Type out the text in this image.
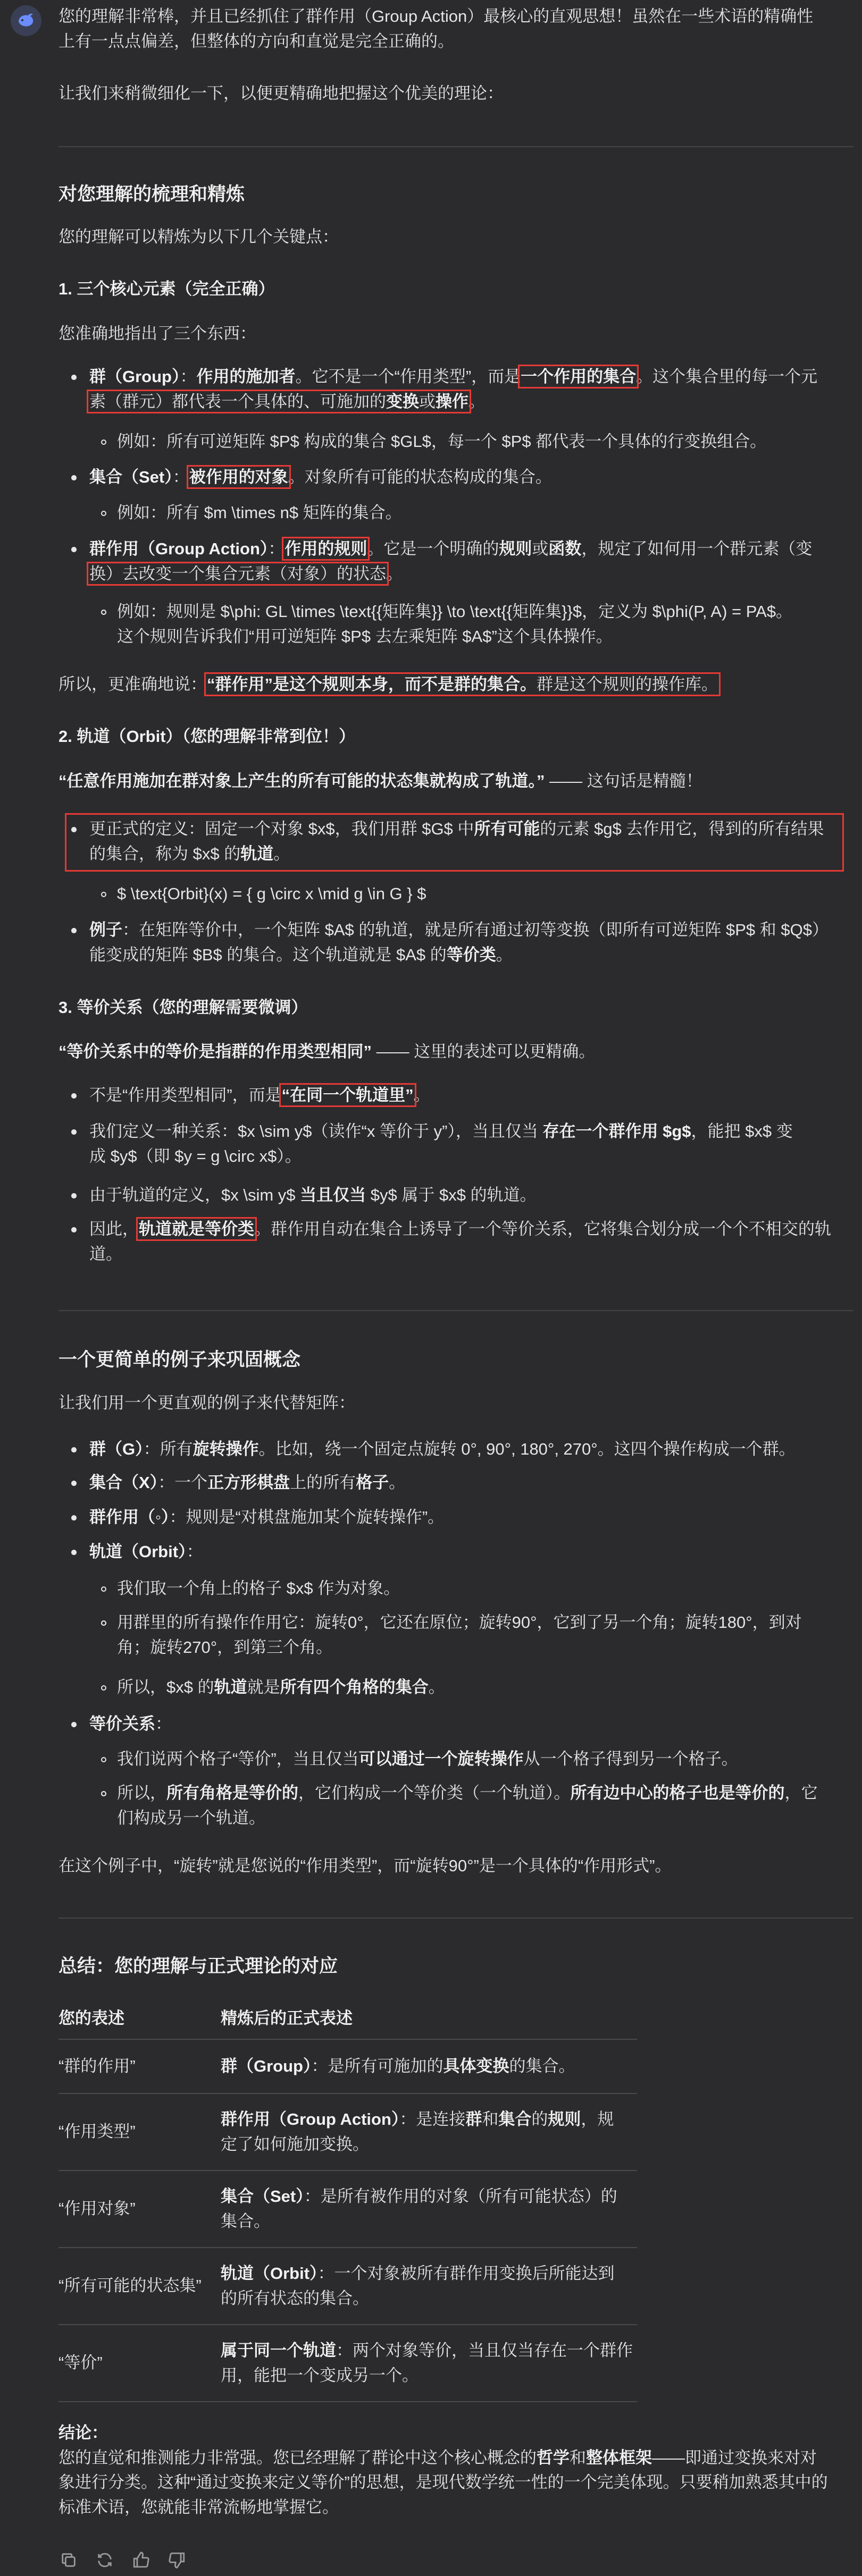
您的理解非常棒，并且已经抓住了群作用（Group Action）最核心的直观思想！虽然在一些术语的精确性

上有一点点偏差，但整体的方向和直觉是完全正确的。

让我们来稍微细化一下，以便更精确地把握这个优美的理论：

对您理解的梳理和精炼

您的理解可以精炼为以下几个关键点：

1. 三个核心元素（完全正确）

您准确地指出了三个东西：

群（Group）：作用的施加者。它不是一个“作用类型”，而是一个作用的集合。这个集合里的每一个元

素（群元）都代表一个具体的、可施加的变换或操作。

例如：所有可逆矩阵 $P$ 构成的集合 $GL$，每一个 $P$ 都代表一个具体的行变换组合。

集合（Set）：被作用的对象。对象所有可能的状态构成的集合。

例如：所有 $m \times n$ 矩阵的集合。

群作用（Group Action）：作用的规则。它是一个明确的规则或函数，规定了如何用一个群元素（变

换）去改变一个集合元素（对象）的状态。

例如：规则是 $\phi: GL \times \text{{矩阵集}} \to \text{{矩阵集}}$，定义为 $\phi(P, A) = PA$。

这个规则告诉我们“用可逆矩阵 $P$ 去左乘矩阵 $A$”这个具体操作。

所以，更准确地说：“群作用”是这个规则本身，而不是群的集合。群是这个规则的操作库。

2. 轨道（Orbit）（您的理解非常到位！）

“任意作用施加在群对象上产生的所有可能的状态集就构成了轨道。” —— 这句话是精髓！

更正式的定义：固定一个对象 $x$，我们用群 $G$ 中所有可能的元素 $g$ 去作用它，得到的所有结果

的集合，称为 $x$ 的轨道。

$ \text{Orbit}(x) = { g \circ x \mid g \in G } $

例子：在矩阵等价中，一个矩阵 $A$ 的轨道，就是所有通过初等变换（即所有可逆矩阵 $P$ 和 $Q$）

能变成的矩阵 $B$ 的集合。这个轨道就是 $A$ 的等价类。

3. 等价关系（您的理解需要微调）

“等价关系中的等价是指群的作用类型相同” —— 这里的表述可以更精确。

不是“作用类型相同”，而是“在同一个轨道里”。

我们定义一种关系：$x \sim y$（读作“x 等价于 y”），当且仅当 存在一个群作用 $g$，能把 $x$ 变

成 $y$（即 $y = g \circ x$）。

由于轨道的定义，$x \sim y$ 当且仅当 $y$ 属于 $x$ 的轨道。

因此，轨道就是等价类。群作用自动在集合上诱导了一个等价关系，它将集合划分成一个个不相交的轨

道。

一个更简单的例子来巩固概念

让我们用一个更直观的例子来代替矩阵：

群（G）：所有旋转操作。比如，绕一个固定点旋转 0°, 90°, 180°, 270°。这四个操作构成一个群。

集合（X）：一个正方形棋盘上的所有格子。

群作用（◦）：规则是“对棋盘施加某个旋转操作”。

轨道（Orbit）：

我们取一个角上的格子 $x$ 作为对象。

用群里的所有操作作用它：旋转0°，它还在原位；旋转90°，它到了另一个角；旋转180°，到对

角；旋转270°，到第三个角。

所以，$x$ 的轨道就是所有四个角格的集合。

等价关系：

我们说两个格子“等价”，当且仅当可以通过一个旋转操作从一个格子得到另一个格子。

所以，所有角格是等价的，它们构成一个等价类（一个轨道）。所有边中心的格子也是等价的，它

们构成另一个轨道。

在这个例子中，“旋转”就是您说的“作用类型”，而“旋转90°”是一个具体的“作用形式”。

总结：您的理解与正式理论的对应
您的表述	精炼后的正式表述
“群的作用”	群（Group）：是所有可施加的具体变换的集合。
“作用类型”	群作用（Group Action）：是连接群和集合的规则，规

定了如何施加变换。

“作用对象”	集合（Set）：是所有被作用的对象（所有可能状态）的

集合。

“所有可能的状态集”	轨道（Orbit）：一个对象被所有群作用变换后所能达到

的所有状态的集合。

“等价”	属于同一个轨道：两个对象等价，当且仅当存在一个群作

用，能把一个变成另一个。

结论：

您的直觉和推测能力非常强。您已经理解了群论中这个核心概念的哲学和整体框架——即通过变换来对对

象进行分类。这种“通过变换来定义等价”的思想，是现代数学统一性的一个完美体现。只要稍加熟悉其中的

标准术语，您就能非常流畅地掌握它。
